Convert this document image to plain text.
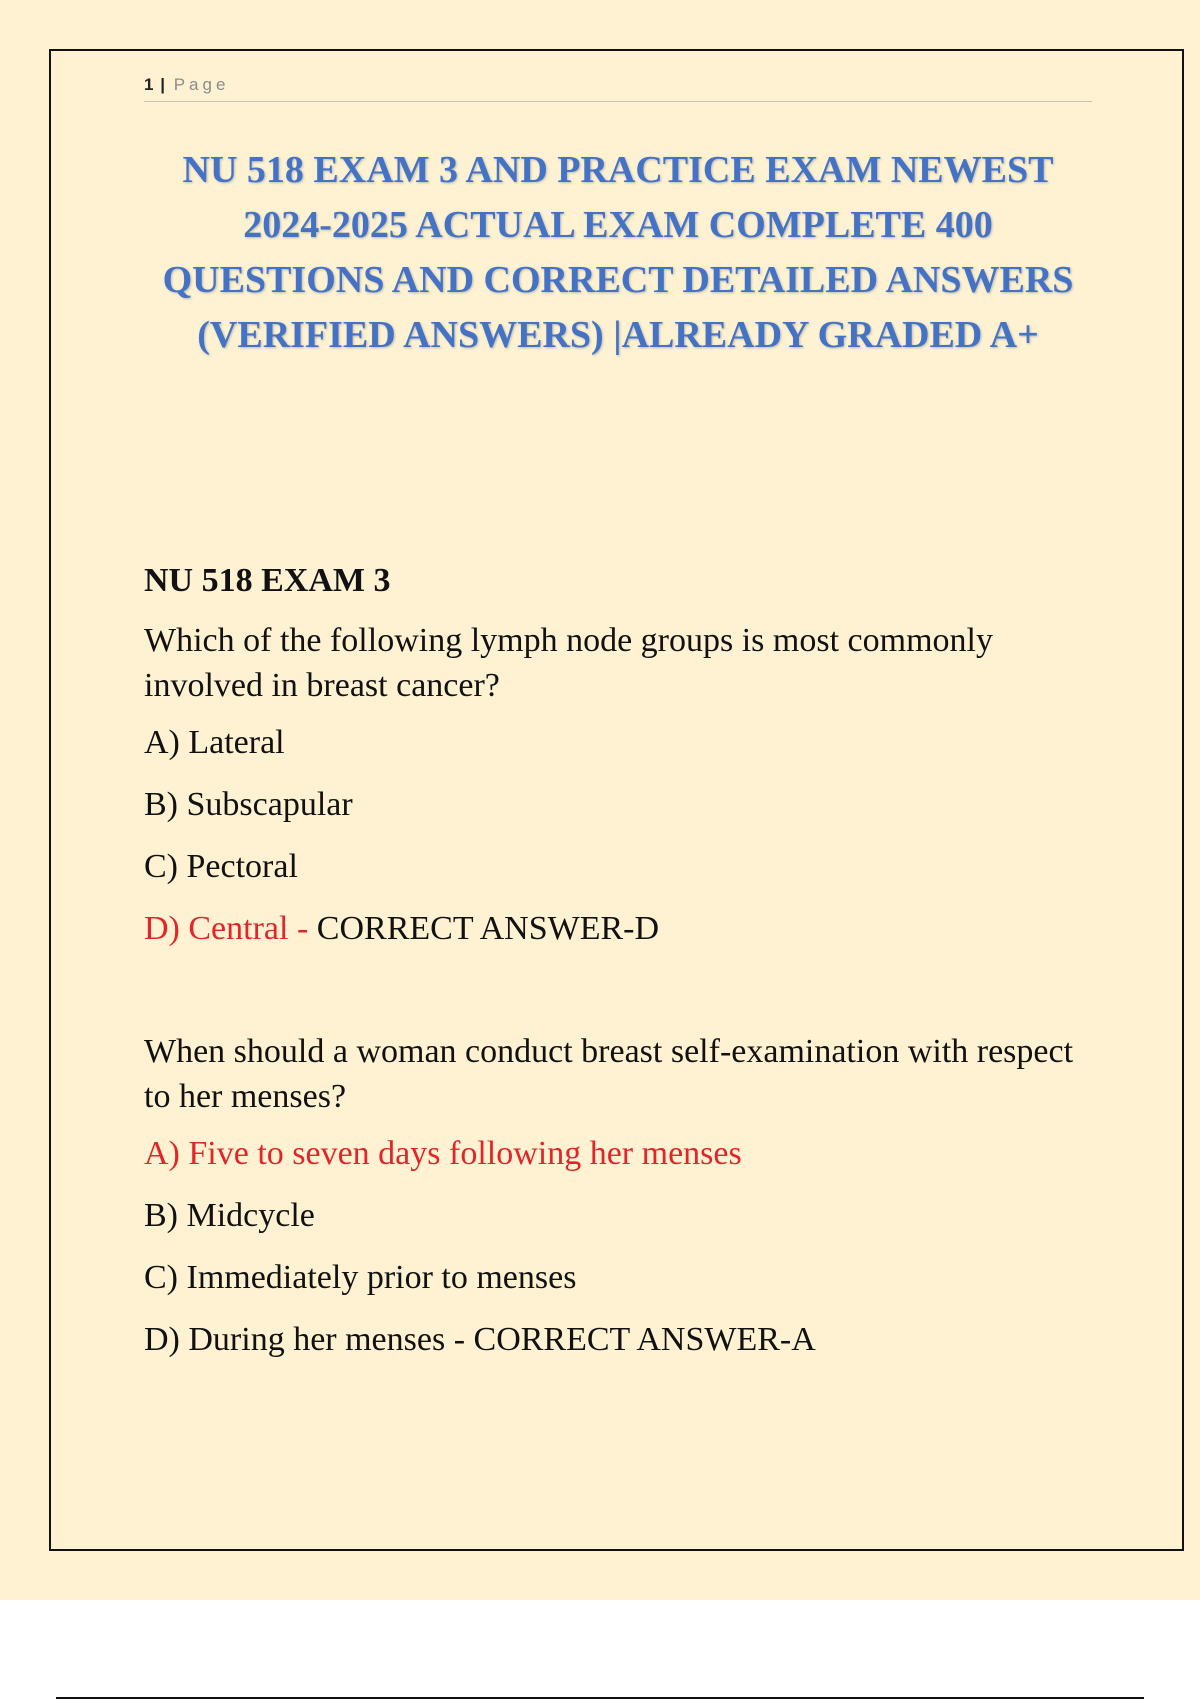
1 | Page
NU 518 EXAM 3 AND PRACTICE EXAM NEWEST 2024-2025 ACTUAL EXAM COMPLETE 400 QUESTIONS AND CORRECT DETAILED ANSWERS (VERIFIED ANSWERS) |ALREADY GRADED A+
NU 518 EXAM 3

Which of the following lymph node groups is most commonly involved in breast cancer?

A) Lateral
B) Subscapular
C) Pectoral
D) Central - CORRECT ANSWER-D

When should a woman conduct breast self-examination with respect to her menses?

A) Five to seven days following her menses
B) Midcycle
C) Immediately prior to menses
D) During her menses - CORRECT ANSWER-A
